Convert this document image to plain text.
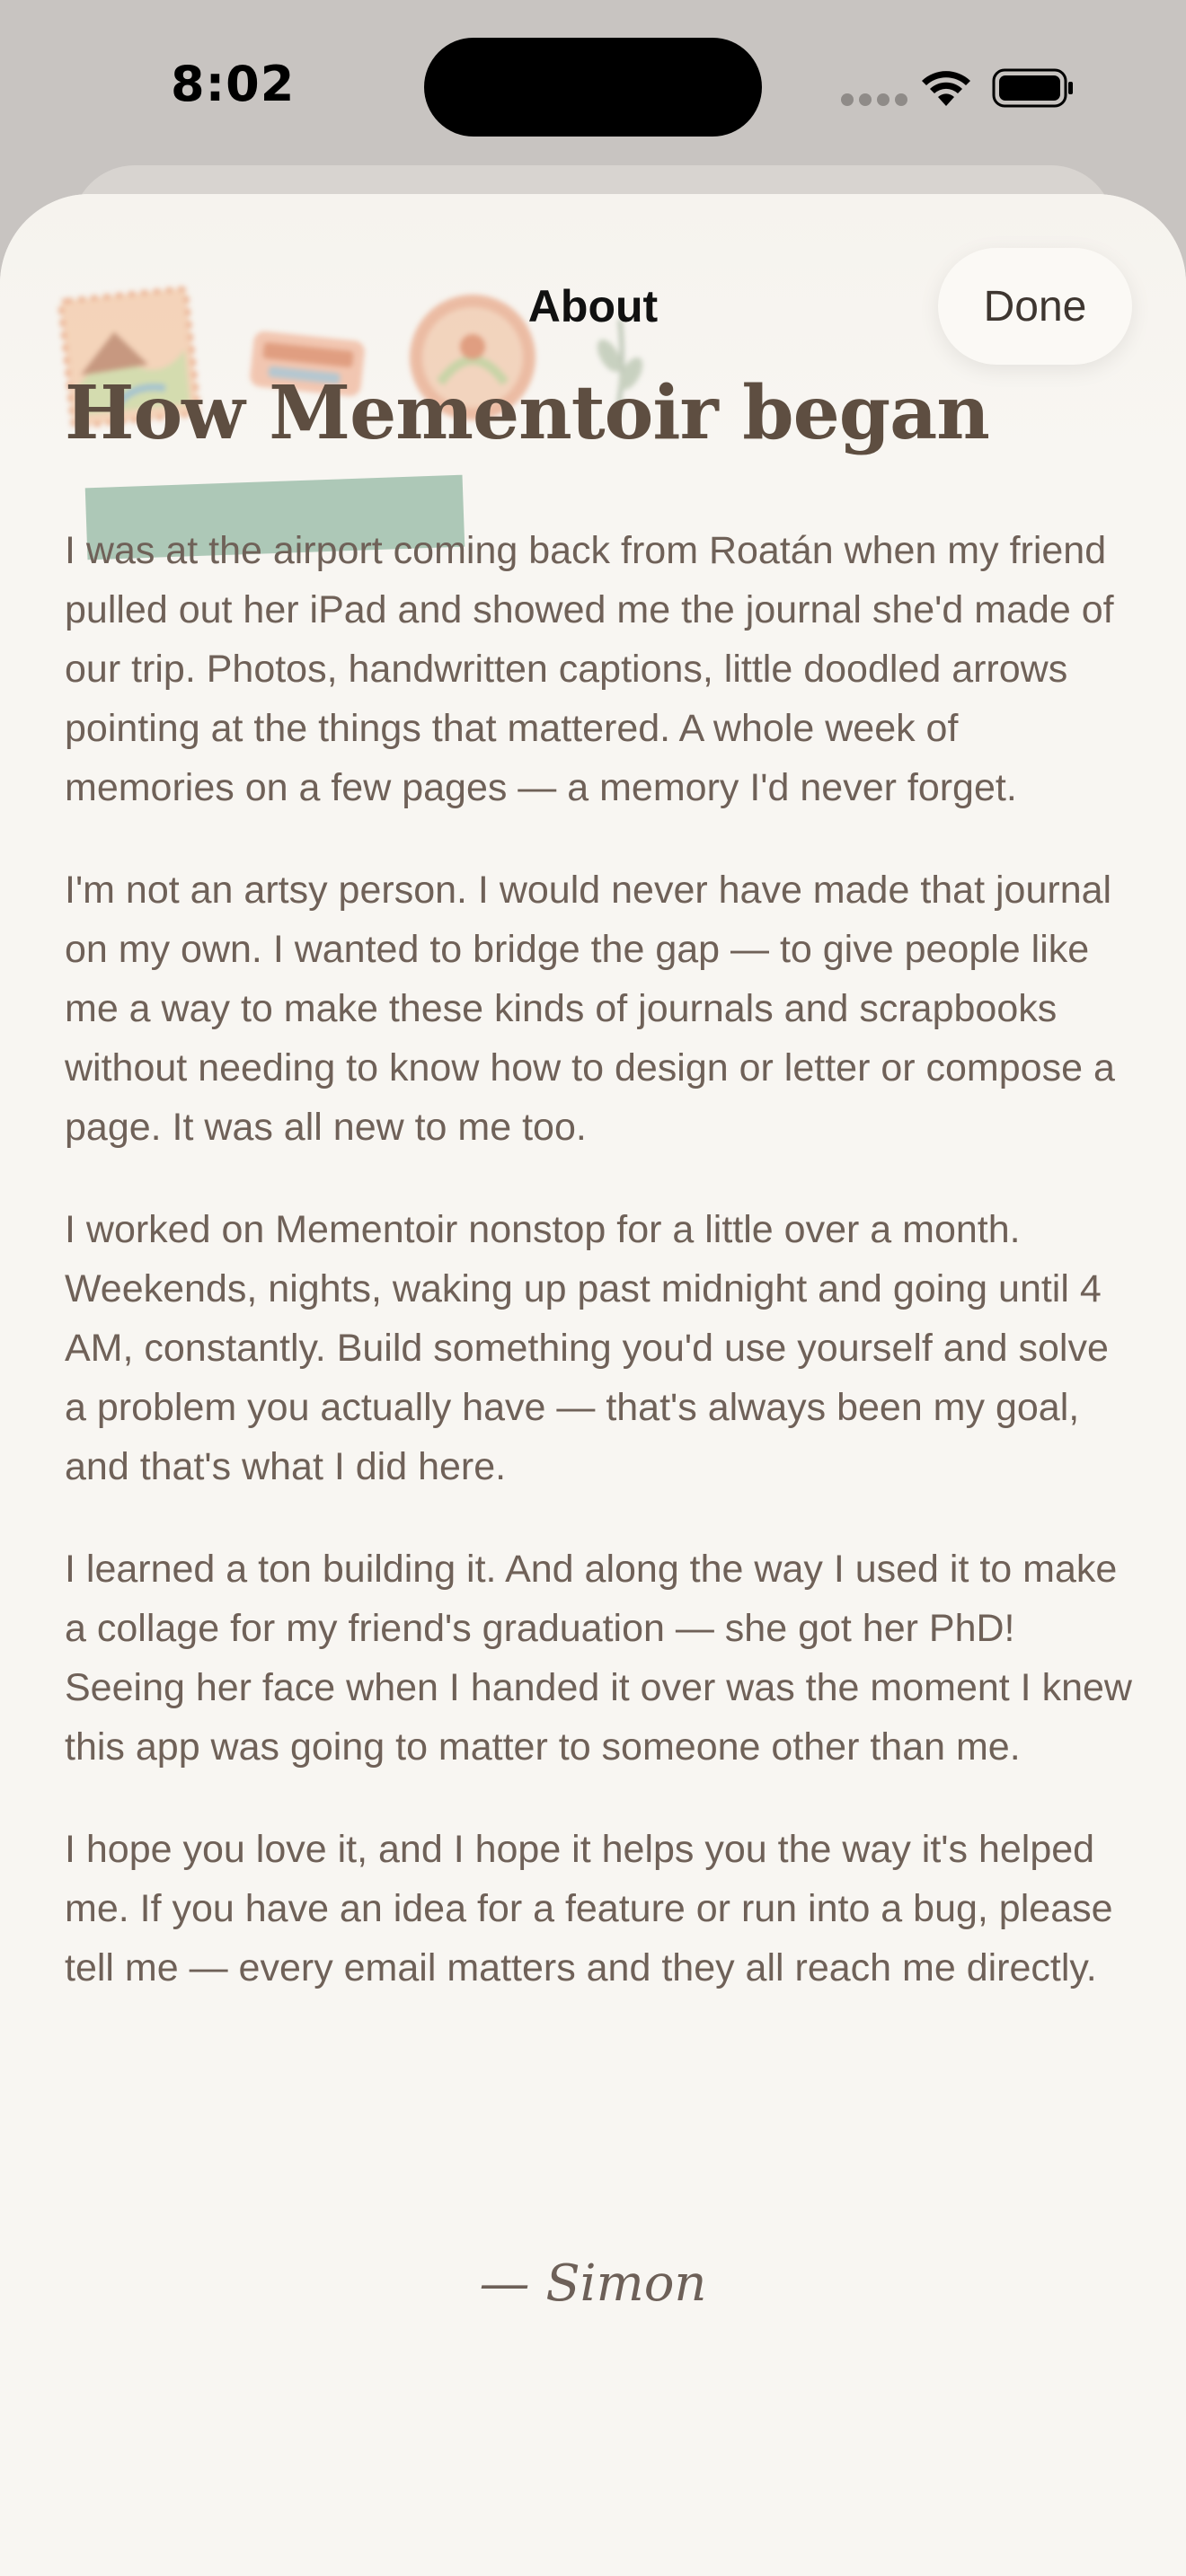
8:02
About	Done
How Mementoir began

I was at the airport coming back from Roatán when my friend pulled out her iPad and showed me the journal she'd made of our trip. Photos, handwritten captions, little doodled arrows pointing at the things that mattered. A whole week of memories on a few pages — a memory I'd never forget.

I'm not an artsy person. I would never have made that journal on my own. I wanted to bridge the gap — to give people like me a way to make these kinds of journals and scrapbooks without needing to know how to design or letter or compose a page. It was all new to me too.

I worked on Mementoir nonstop for a little over a month. Weekends, nights, waking up past midnight and going until 4 AM, constantly. Build something you'd use yourself and solve a problem you actually have — that's always been my goal, and that's what I did here.

I learned a ton building it. And along the way I used it to make a collage for my friend's graduation — she got her PhD! Seeing her face when I handed it over was the moment I knew this app was going to matter to someone other than me.

I hope you love it, and I hope it helps you the way it's helped me. If you have an idea for a feature or run into a bug, please tell me — every email matters and they all reach me directly.

— Simon
